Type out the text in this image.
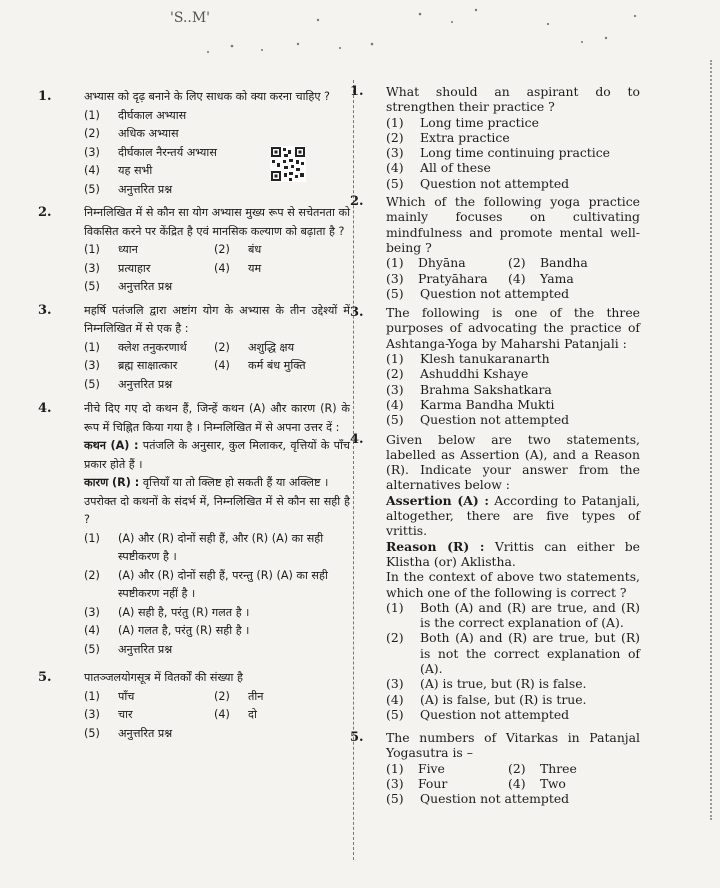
'S..M'
1.	अभ्यास को दृढ़ बनाने के लिए साधक को क्या करना चाहिए ?
(1)	दीर्घकाल अभ्यास
(2)	अधिक अभ्यास
(3)	दीर्घकाल नैरन्तर्य अभ्यास
(4)	यह सभी
(5)	अनुत्तरित प्रश्न
2.	निम्नलिखित में से कौन सा योग अभ्यास मुख्य रूप से सचेतनता को विकसित करने पर केंद्रित है एवं मानसिक कल्याण को बढ़ाता है ?
(1)	ध्यान	(2)	बंध
(3)	प्रत्याहार	(4)	यम
(5)	अनुत्तरित प्रश्न
3.	महर्षि पतंजलि द्वारा अष्टांग योग के अभ्यास के तीन उद्देश्यों में निम्नलिखित में से एक है :
(1)	क्लेश तनुकरणार्थ (2)	अशुद्धि क्षय
(3)	ब्रह्म साक्षात्कार	(4)	कर्म बंध मुक्ति
(5)	अनुत्तरित प्रश्न
4.	नीचे दिए गए दो कथन हैं, जिन्हें कथन (A) और कारण (R) के रूप में चिह्नित किया गया है । निम्नलिखित में से अपना उत्तर दें :
कथन (A) : पतंजलि के अनुसार, कुल मिलाकर, वृत्तियों के पाँच प्रकार होते हैं ।
कारण (R) : वृत्तियाँ या तो क्लिष्ट हो सकती हैं या अक्लिष्ट ।
उपरोक्त दो कथनों के संदर्भ में, निम्नलिखित में से कौन सा सही है ?
(1)	(A) और (R) दोनों सही हैं, और (R) (A) का सही स्पष्टीकरण है ।
(2)	(A) और (R) दोनों सही हैं, परन्तु (R) (A) का सही स्पष्टीकरण नहीं है ।
(3)	(A) सही है, परंतु (R) गलत है ।
(4)	(A) गलत है, परंतु (R) सही है ।
(5)	अनुत्तरित प्रश्न
5.	पातञ्जलयोगसूत्र में वितर्कों की संख्या है
(1)	पाँच	(2)	तीन
(3)	चार	(4)	दो
(5)	अनुत्तरित प्रश्न
1. What should an aspirant do to strengthen their practice ?
(1)	Long time practice
(2)	Extra practice
(3)	Long time continuing practice
(4)	All of these
(5)	Question not attempted
2. Which of the following yoga practice mainly focuses on cultivating mindfulness and promote mental well-being ?
(1)	Dhyāna	(2)	Bandha
(3)	Pratyāhara (4)	Yama
(5)	Question not attempted
3. The following is one of the three purposes of advocating the practice of Ashtanga-Yoga by Maharshi Patanjali :
(1)	Klesh tanukaranarth
(2)	Ashuddhi Kshaye
(3)	Brahma Sakshatkara
(4)	Karma Bandha Mukti
(5)	Question not attempted
4. Given below are two statements, labelled as Assertion (A), and a Reason (R). Indicate your answer from the alternatives below :
Assertion (A) : According to Patanjali, altogether, there are five types of vrittis.
Reason (R) : Vrittis can either be Klistha (or) Aklistha.
In the context of above two statements, which one of the following is correct ?
(1)	Both (A) and (R) are true, and (R) is the correct explanation of (A).
(2)	Both (A) and (R) are true, but (R) is not the correct explanation of (A).
(3)	(A) is true, but (R) is false.
(4)	(A) is false, but (R) is true.
(5)	Question not attempted
5. The numbers of Vitarkas in Patanjal Yogasutra is –
(1)	Five	(2)	Three
(3)	Four	(4)	Two
(5)	Question not attempted
